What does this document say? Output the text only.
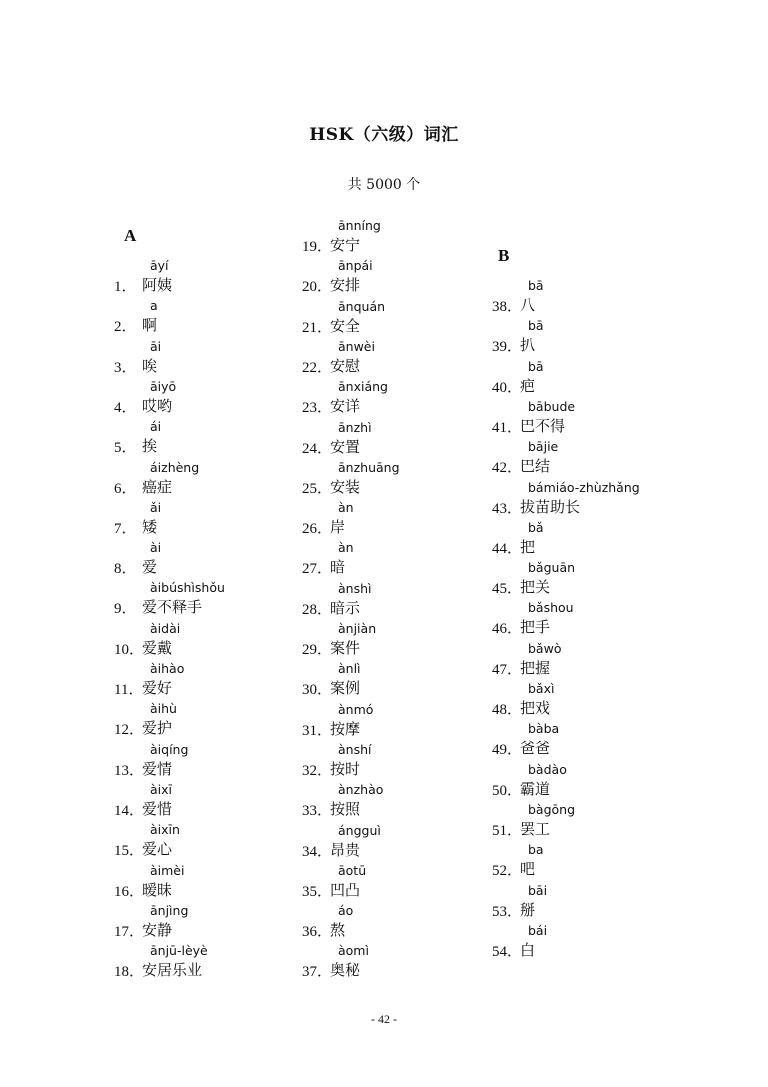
HSK（六级）词汇
共 5000 个
A
B
āyí
1． 阿姨
a
2． 啊
āi
3． 唉
āiyō
4． 哎哟
ái
5． 挨
áizhèng
6． 癌症
ǎi
7． 矮
ài
8． 爱
àibúshìshǒu
9． 爱不释手
àidài
10．
爱戴
àihào
11．
爱好
àihù
12．
爱护
àiqíng
13．
爱情
àixī
14．
爱惜
àixīn
15．
爱心
àimèi
16．
暧昧
ānjìng
17．
安静
ānjū-lèyè
18．
安居乐业
ānníng
19．
安宁
ānpái
20．
安排
ānquán
21．
安全
ānwèi
22．
安慰
ānxiáng
23．
安详
ānzhì
24．
安置
ānzhuāng
25．
安装
àn
26．
岸
àn
27．
暗
ànshì
28．
暗示
ànjiàn
29．
案件
ànlì
30．
案例
ànmó
31．
按摩
ànshí
32．
按时
ànzhào
33．
按照
ángguì
34．
昂贵
āotū
35．
凹凸
áo
36．
熬
àomì
37．
奥秘
bā
38．
八
bā
39．
扒
bā
40．
疤
bābude
41．
巴不得
bājie
42．
巴结
bámiáo-zhùzhǎng
43．
拔苗助长
bǎ
44．
把
bǎguān
45．
把关
bǎshou
46．
把手
bǎwò
47．
把握
bǎxì
48．
把戏
bàba
49．
爸爸
bàdào
50．
霸道
bàgōng
51．
罢工
ba
52．
吧
bāi
53．
掰
bái
54．
白
- 42 -
